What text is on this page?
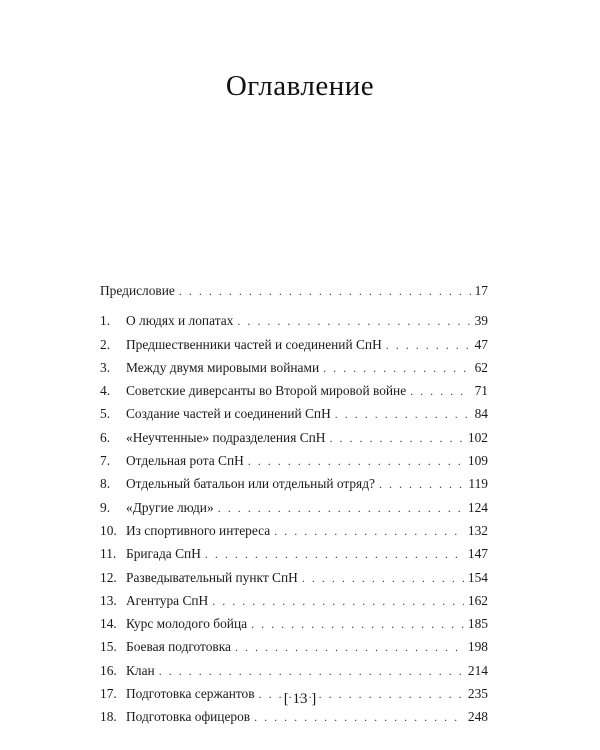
Оглавление
Предисловие . . .	17
1.	О людях и лопатах . . .	39
2.	Предшественники частей и соединений СпН . . .	47
3.	Между двумя мировыми войнами . . .	62
4.	Советские диверсанты во Второй мировой войне . . .	71
5.	Создание частей и соединений СпН . . .	84
6.	«Неучтенные» подразделения СпН . . .	102
7.	Отдельная рота СпН . . .	109
8.	Отдельный батальон или отдельный отряд? . . .	119
9.	«Другие люди» . . .	124
10. Из спортивного интереса . . .	132
11. Бригада СпН . . .	147
12. Разведывательный пункт СпН . . .	154
13. Агентура СпН . . .	162
14. Курс молодого бойца . . .	185
15. Боевая подготовка . . .	198
16. Клан . . .	214
17. Подготовка сержантов . . .	235
18. Подготовка офицеров . . .	248
[ 13 ]
